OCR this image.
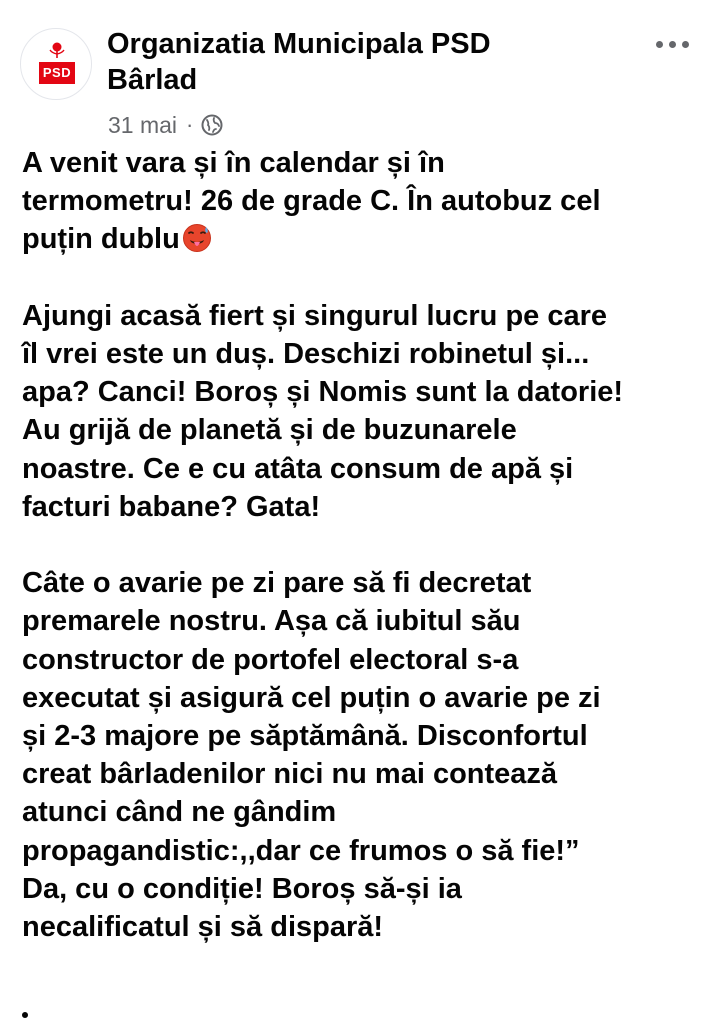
PSD
Organizatia Municipala PSD
Bârlad
31 mai ·
A venit vara și în calendar și în
termometru! 26 de grade C. În autobuz cel
puțin dublu
Ajungi acasă fiert și singurul lucru pe care
îl vrei este un duș. Deschizi robinetul și...
apa? Canci! Boroș și Nomis sunt la datorie!
Au grijă de planetă și de buzunarele
noastre. Ce e cu atâta consum de apă și
facturi babane? Gata!
Câte o avarie pe zi pare să fi decretat
premarele nostru. Așa că iubitul său
constructor de portofel electoral s-a
executat și asigură cel puțin o avarie pe zi
și 2-3 majore pe săptămână. Disconfortul
creat bârladenilor nici nu mai contează
atunci când ne gândim
propagandistic:,,dar ce frumos o să fie!”
Da, cu o condiție! Boroș să-și ia
necalificatul și să dispară!
